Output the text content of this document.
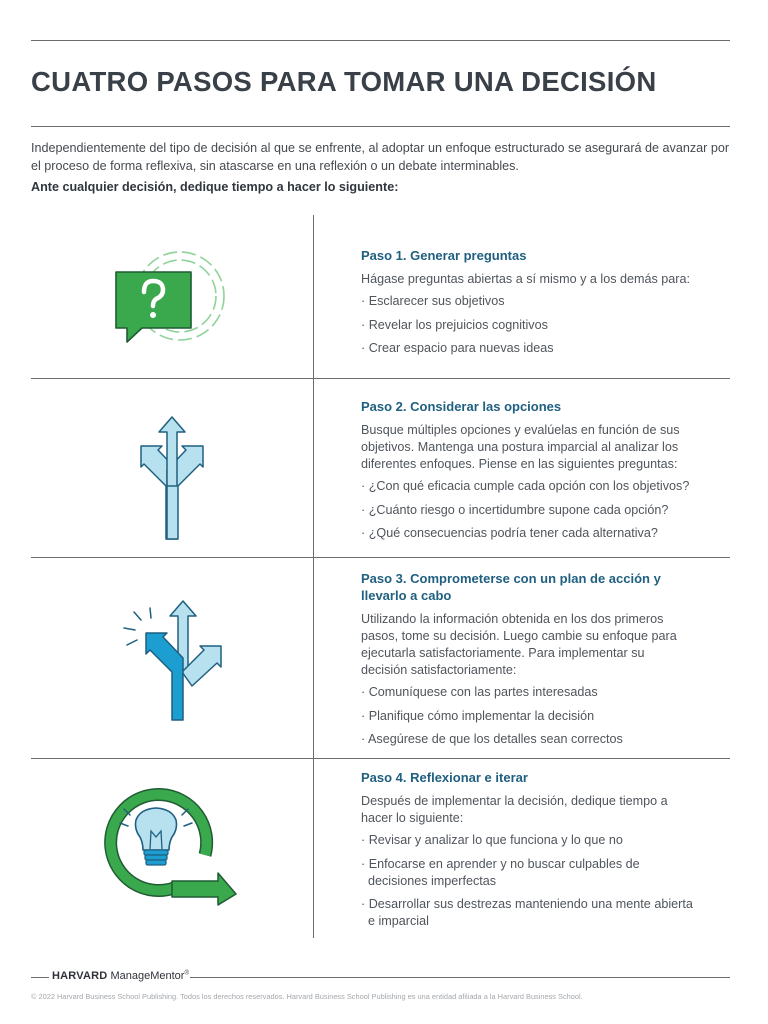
CUATRO PASOS PARA TOMAR UNA DECISIÓN

Independientemente del tipo de decisión al que se enfrente, al adoptar un enfoque estructurado se asegurará de avanzar por el proceso de forma reflexiva, sin atascarse en una reflexión o un debate interminables.

Ante cualquier decisión, dedique tiempo a hacer lo siguiente:

Paso 1. Generar preguntas

Hágase preguntas abiertas a sí mismo y a los demás para:

· Esclarecer sus objetivos
· Revelar los prejuicios cognitivos
· Crear espacio para nuevas ideas
Paso 2. Considerar las opciones

Busque múltiples opciones y evalúelas en función de sus objetivos. Mantenga una postura imparcial al analizar los diferentes enfoques. Piense en las siguientes preguntas:

· ¿Con qué eficacia cumple cada opción con los objetivos?
· ¿Cuánto riesgo o incertidumbre supone cada opción?
· ¿Qué consecuencias podría tener cada alternativa?
Paso 3. Comprometerse con un plan de acción y llevarlo a cabo

Utilizando la información obtenida en los dos primeros pasos, tome su decisión. Luego cambie su enfoque para ejecutarla satisfactoriamente. Para implementar su decisión satisfactoriamente:

· Comuníquese con las partes interesadas
· Planifique cómo implementar la decisión
· Asegúrese de que los detalles sean correctos
Paso 4. Reflexionar e iterar

Después de implementar la decisión, dedique tiempo a hacer lo siguiente:

· Revisar y analizar lo que funciona y lo que no
· Enfocarse en aprender y no buscar culpables de decisiones imperfectas
· Desarrollar sus destrezas manteniendo una mente abierta e imparcial
HARVARD ManageMentor®
© 2022 Harvard Business School Publishing. Todos los derechos reservados. Harvard Business School Publishing es una entidad afiliada a la Harvard Business School.
